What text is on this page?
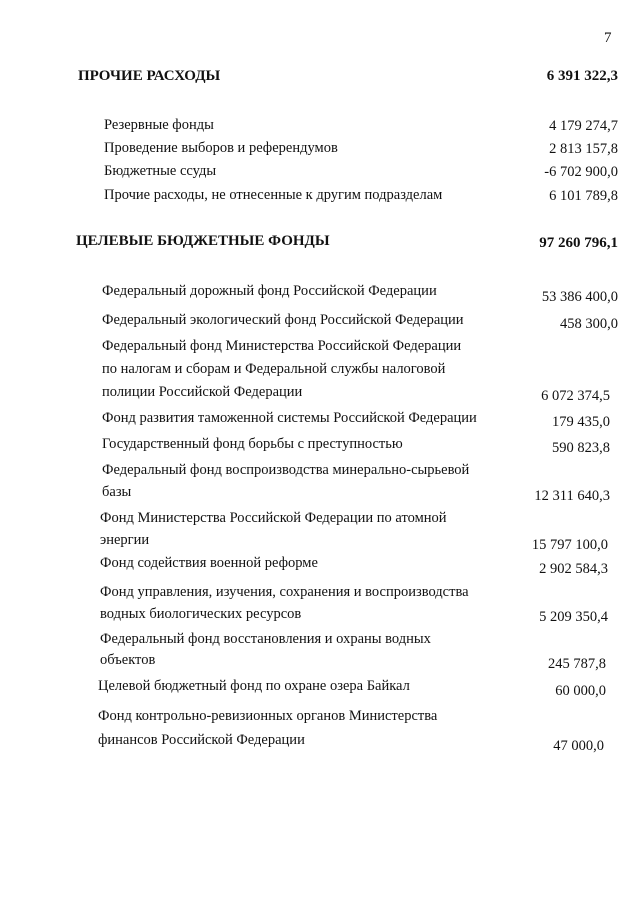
7
ПРОЧИЕ РАСХОДЫ	6 391 322,3
Резервные фонды	4 179 274,7
Проведение выборов и референдумов	2 813 157,8
Бюджетные ссуды	-6 702 900,0
Прочие расходы, не отнесенные к другим подразделам	6 101 789,8
ЦЕЛЕВЫЕ БЮДЖЕТНЫЕ ФОНДЫ	97 260 796,1
Федеральный дорожный фонд Российской Федерации	53 386 400,0
Федеральный экологический фонд Российской Федерации	458 300,0
Федеральный фонд Министерства Российской Федерации
по налогам и сборам и Федеральной службы налоговой
полиции Российской Федерации	6 072 374,5
Фонд развития таможенной системы Российской Федерации	179 435,0
Государственный фонд борьбы с преступностью	590 823,8
Федеральный фонд воспроизводства минерально-сырьевой
базы	12 311 640,3
Фонд Министерства Российской Федерации по атомной
энергии	15 797 100,0
Фонд содействия военной реформе	2 902 584,3
Фонд управления, изучения, сохранения и воспроизводства
водных биологических ресурсов	5 209 350,4
Федеральный фонд восстановления и охраны водных
объектов	245 787,8
Целевой бюджетный фонд по охране озера Байкал	60 000,0
Фонд контрольно-ревизионных органов Министерства
финансов Российской Федерации	47 000,0
